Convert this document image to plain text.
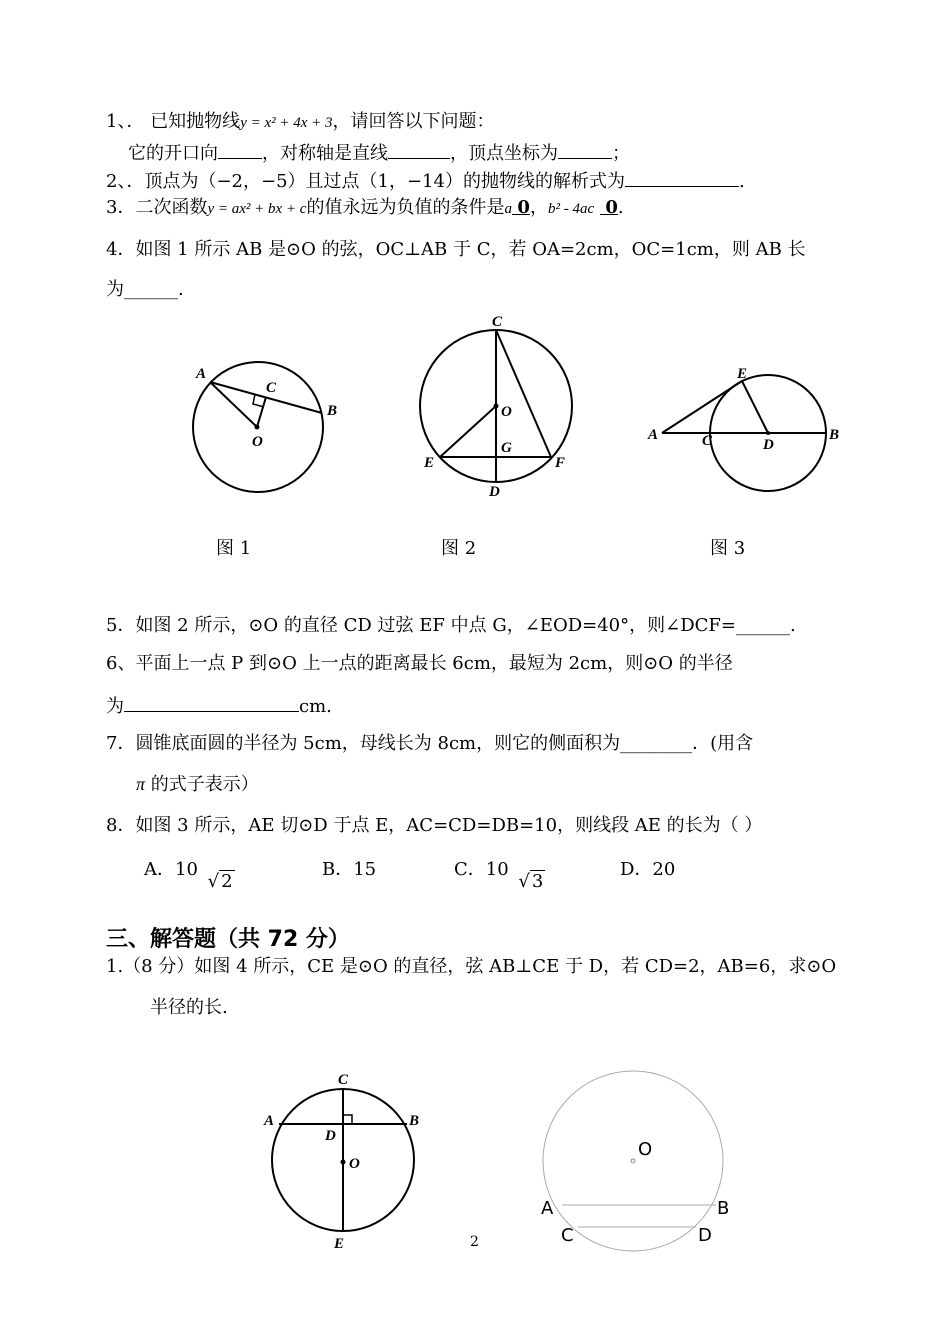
1、． 已知抛物线y = x² + 4x + 3，请回答以下问题：
它的开口向 ，对称轴是直线	，顶点坐标为	；
2、．顶点为（−2，−5）且过点（1，−14）的抛物线的解析式为	.
3．二次函数y = ax² + bx + c的值永远为负值的条件是a 0，b² - 4ac 0.
4．如图 1 所示 AB 是⊙O 的弦，OC⊥AB 于 C，若 OA=2cm，OC=1cm，则 AB 长
为______.
A
C
B
O
C
O
G
E	F
D
A	C	D
B
E
C
A	B
D
O
E
O
A	B
C	D
图 1	图 2	图 3
5．如图 2 所示，⊙O 的直径 CD 过弦 EF 中点 G，∠EOD=40°，则∠DCF=______.
6、平面上一点 P 到⊙O 上一点的距离最长 6cm，最短为 2cm，则⊙O 的半径
为	cm.
7．圆锥底面圆的半径为 5cm，母线长为 8cm，则它的侧面积为________．(用含
π 的式子表示）
8．如图 3 所示，AE 切⊙D 于点 E，AC=CD=DB=10，则线段 AE 的长为（ ）
A．10 √ 2
B．15	C．10 √ 3
D．20
三、解答题（共 72 分）
1.（8 分）如图 4 所示，CE 是⊙O 的直径，弦 AB⊥CE 于 D，若 CD=2，AB=6，求⊙O
半径的长.
2
